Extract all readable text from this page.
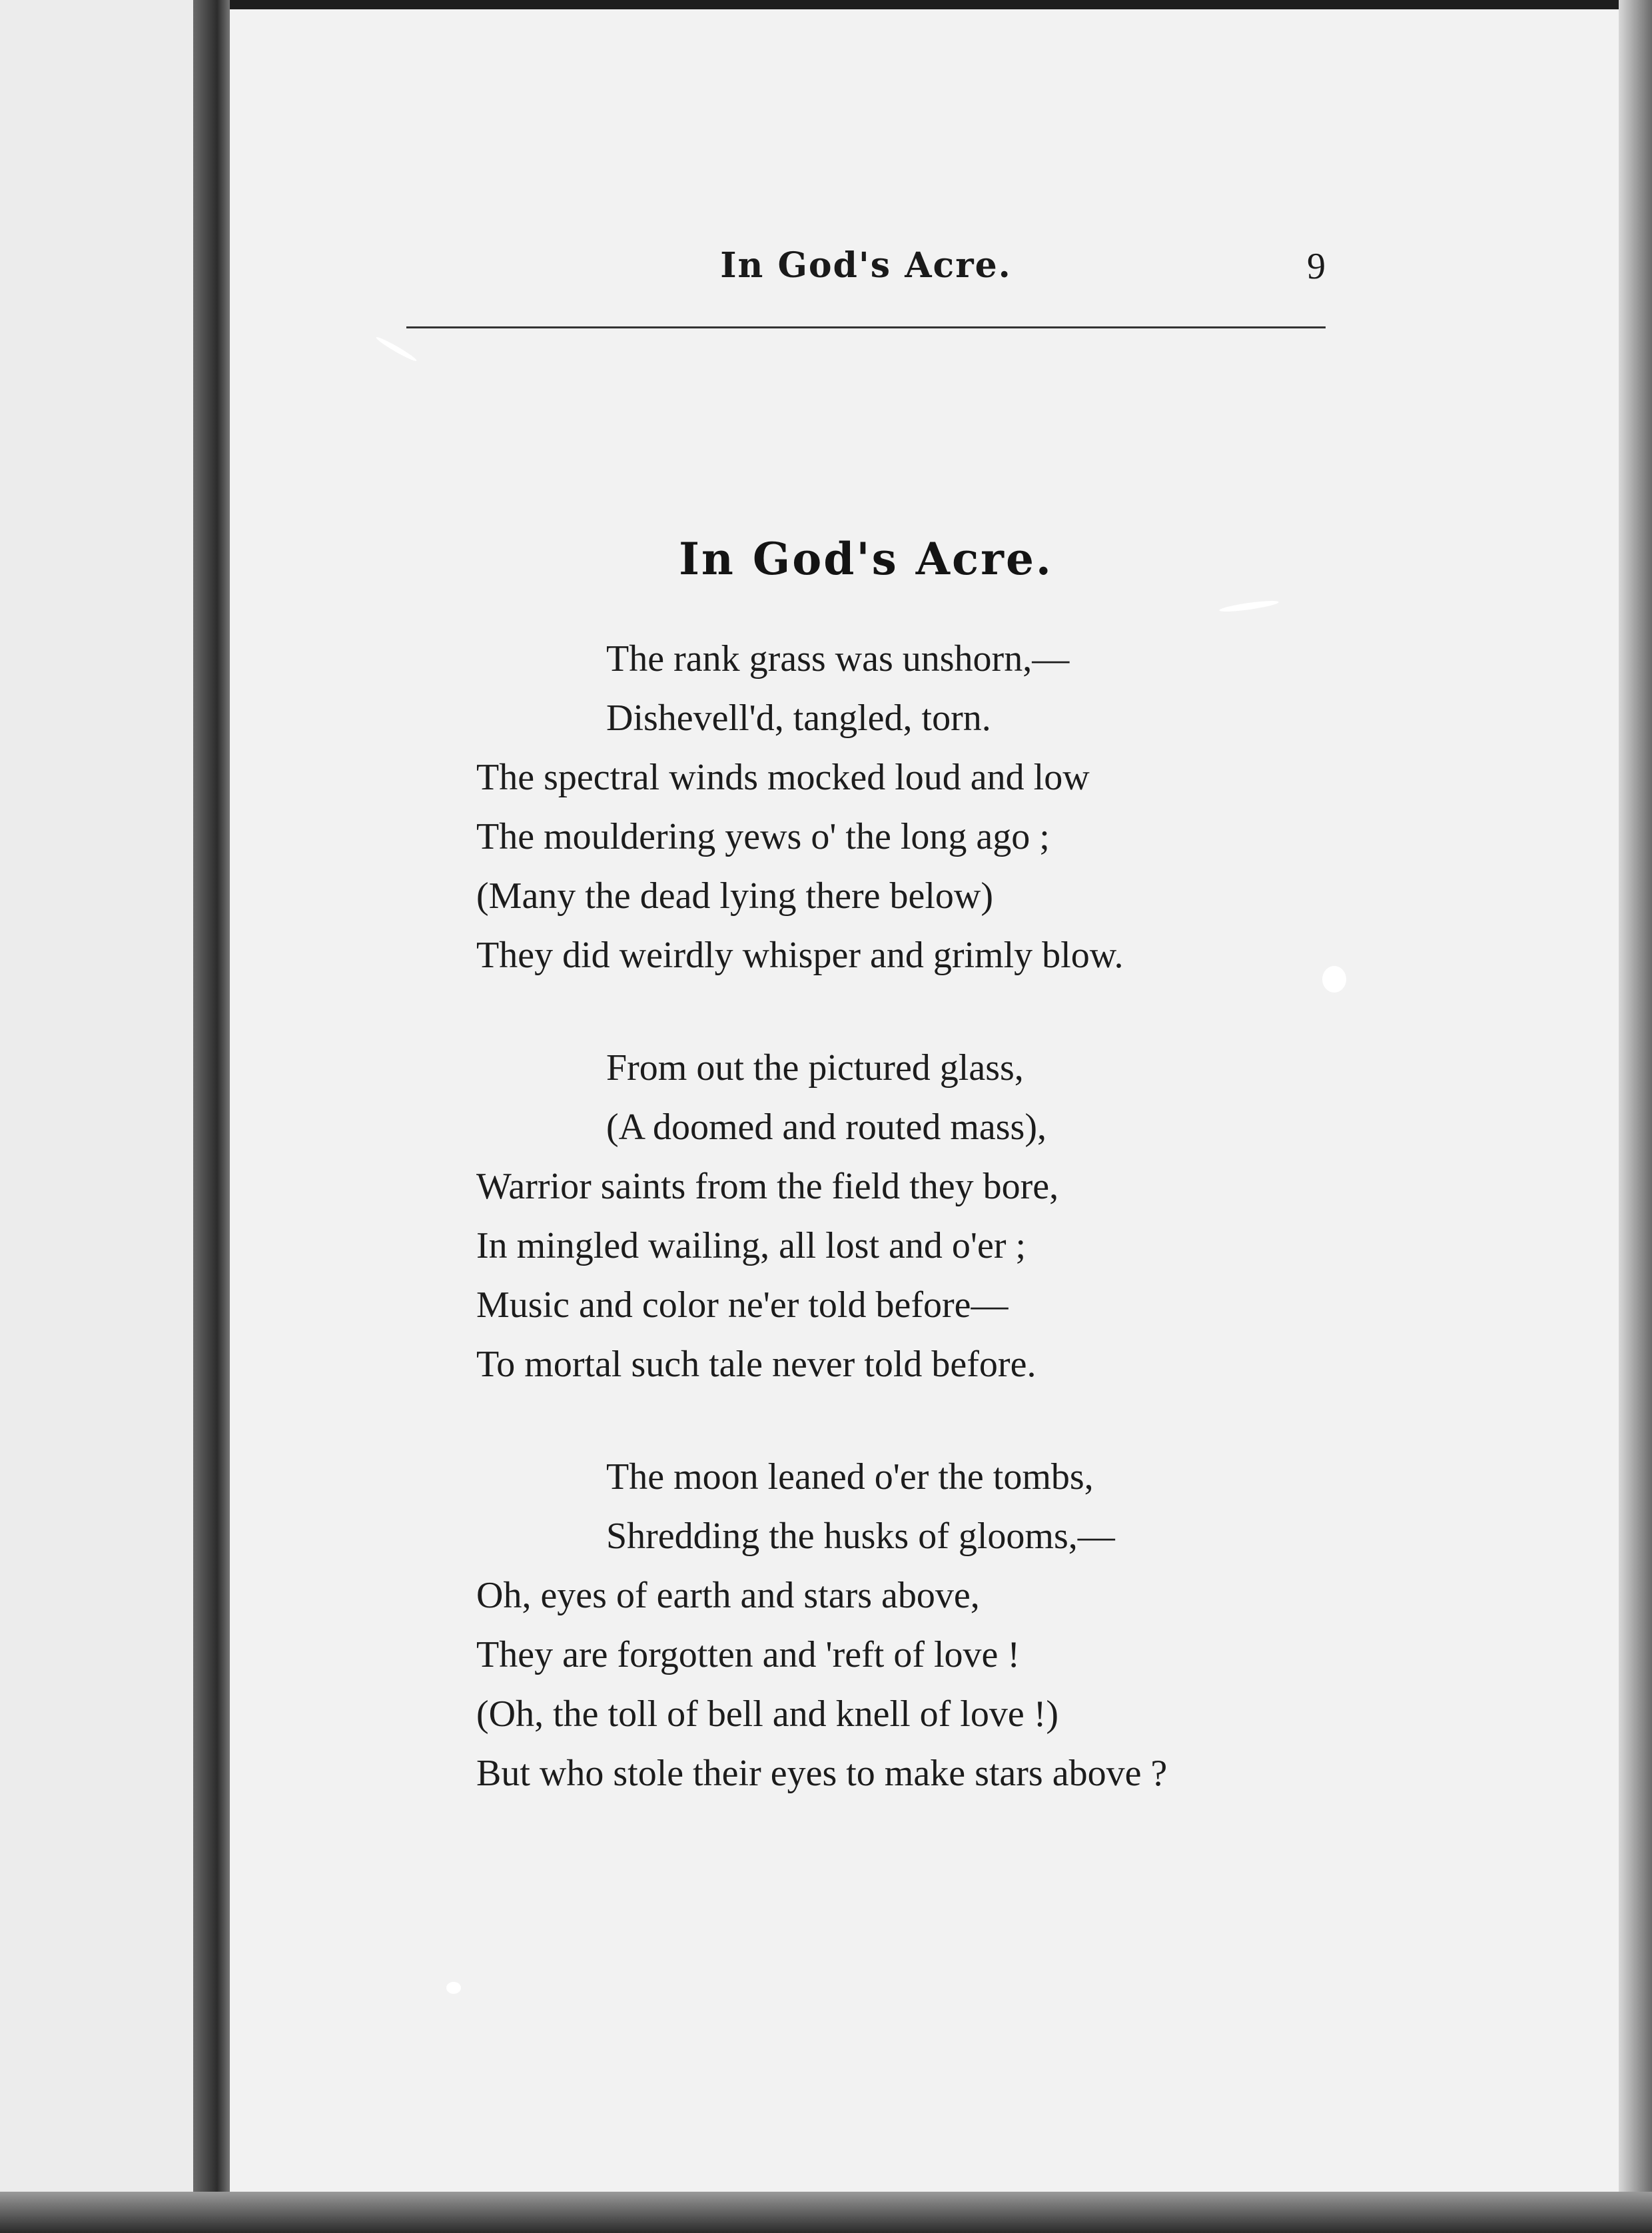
In God's Acre.	9
In God's Acre.
The rank grass was unshorn,—
Dishevell'd, tangled, torn.
The spectral winds mocked loud and low
The mouldering yews o' the long ago ;
(Many the dead lying there below)
They did weirdly whisper and grimly blow.
From out the pictured glass,
(A doomed and routed mass),
Warrior saints from the field they bore,
In mingled wailing, all lost and o'er ;
Music and color ne'er told before—
To mortal such tale never told before.
The moon leaned o'er the tombs,
Shredding the husks of glooms,—
Oh, eyes of earth and stars above,
They are forgotten and 'reft of love !
(Oh, the toll of bell and knell of love !)
But who stole their eyes to make stars above ?
